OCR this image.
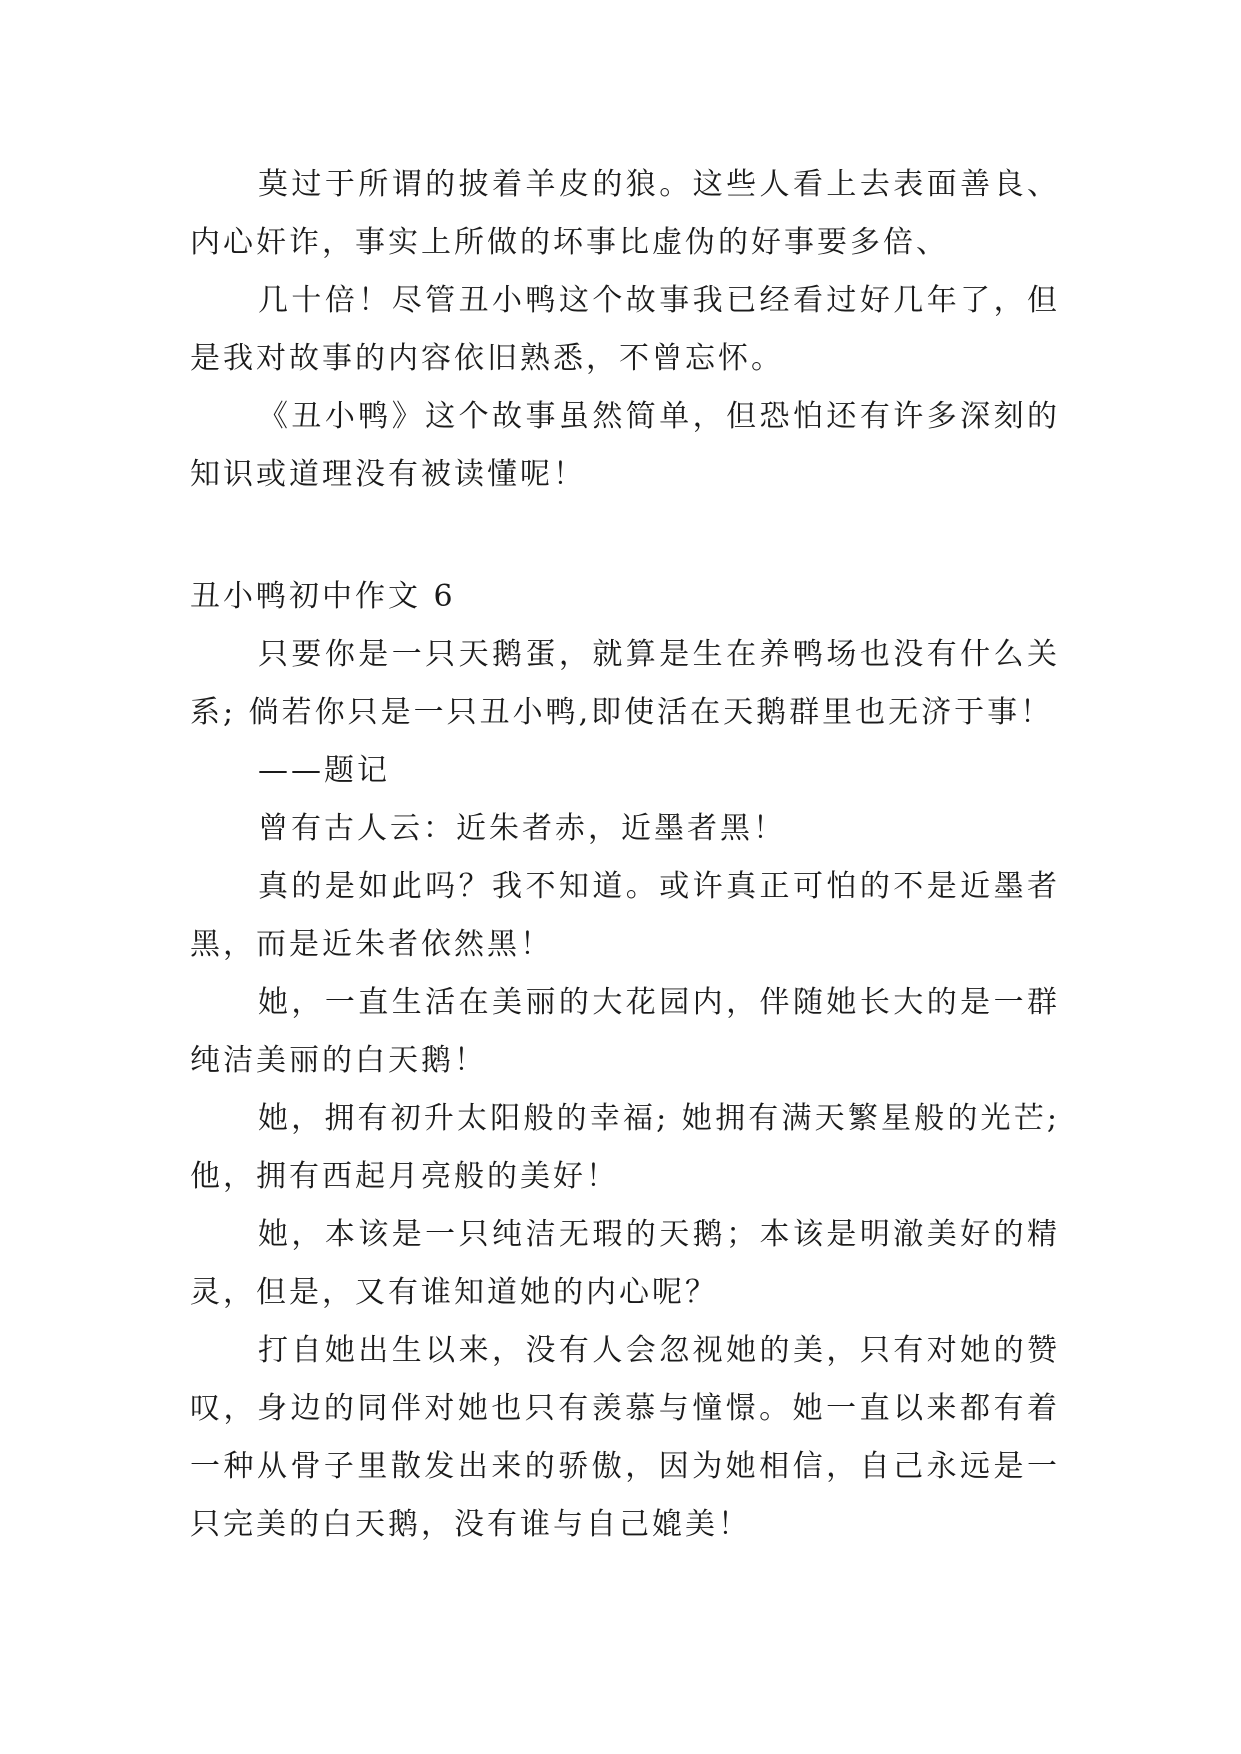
莫过于所谓的披着羊皮的狼。这些人看上去表面善良、内心奸诈，事实上所做的坏事比虚伪的好事要多倍、

几十倍！尽管丑小鸭这个故事我已经看过好几年了，但是我对故事的内容依旧熟悉，不曾忘怀。

《丑小鸭》这个故事虽然简单，但恐怕还有许多深刻的知识或道理没有被读懂呢！

丑小鸭初中作文 6

只要你是一只天鹅蛋，就算是生在养鸭场也没有什么关系; 倘若你只是一只丑小鸭,即使活在天鹅群里也无济于事！

——题记

曾有古人云：近朱者赤，近墨者黑！

真的是如此吗？我不知道。或许真正可怕的不是近墨者黑，而是近朱者依然黑！

她，一直生活在美丽的大花园内，伴随她长大的是一群纯洁美丽的白天鹅！

她，拥有初升太阳般的幸福; 她拥有满天繁星般的光芒; 他，拥有西起月亮般的美好！

她，本该是一只纯洁无瑕的天鹅；本该是明澈美好的精灵，但是，又有谁知道她的内心呢？

打自她出生以来，没有人会忽视她的美，只有对她的赞叹，身边的同伴对她也只有羡慕与憧憬。她一直以来都有着一种从骨子里散发出来的骄傲，因为她相信，自己永远是一只完美的白天鹅，没有谁与自己媲美！
